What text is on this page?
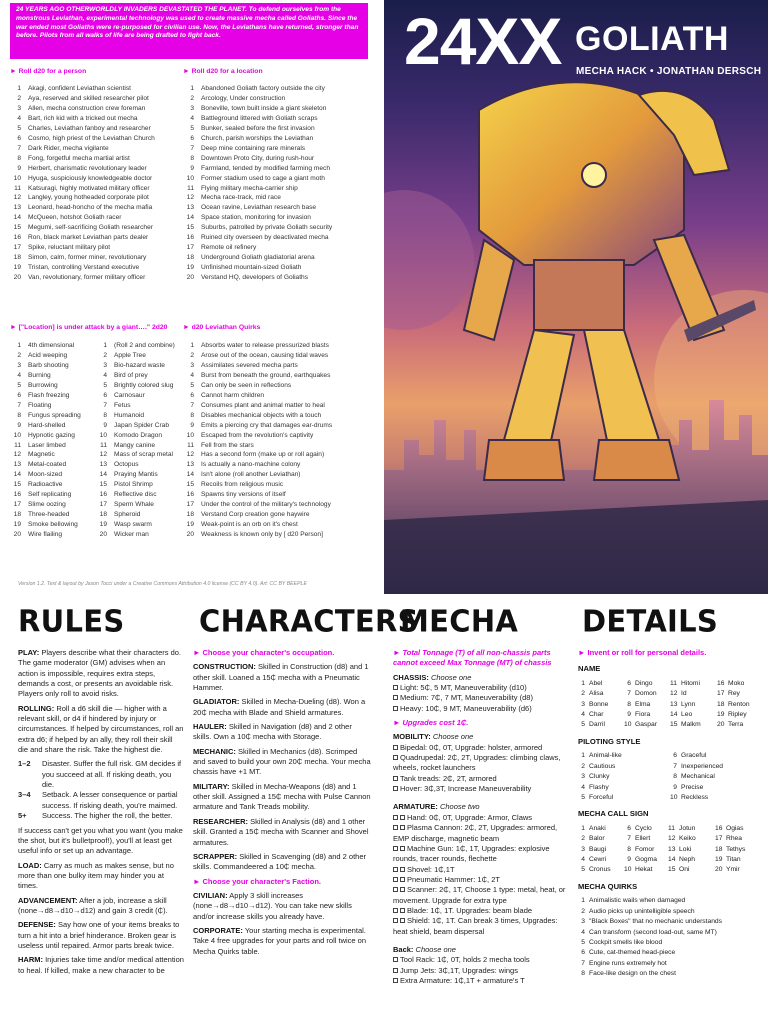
24 YEARS AGO OTHERWORLDLY INVADERS DEVASTATED THE PLANET. To defend ourselves from the monstrous Leviathan, experimental technology was used to create massive mecha called Goliaths. Since the war ended most Goliaths were re-purposed for civilian use. Now, the Leviathans have returned, stronger than before. Pilots from all walks of life are being drafted to fight back.
► Roll d20 for a person	► Roll d20 for a location
1	Akagi, confident Leviathan scientist
2	Aya, reserved and skilled researcher pilot
3	Allen, mecha construction crew foreman
4	Bart, rich kid with a tricked out mecha
5	Charles, Leviathan fanboy and researcher
6	Cosmo, high priest of the Leviathan Church
7	Dark Rider, mecha vigilante
8	Fong, forgetful mecha martial artist
9	Herbert, charismatic revolutionary leader
10	Hyuga, suspiciously knowledgeable doctor
11	Katsuragi, highly motivated military officer
12	Langley, young hotheaded corporate pilot
13	Leonard, head-honcho of the mecha mafia
14	McQueen, hotshot Goliath racer
15	Megumi, self-sacrificing Goliath researcher
16	Ron, black market Leviathan parts dealer
17	Spike, reluctant military pilot
18	Simon, calm, former miner, revolutionary
19	Tristan, controlling Verstand executive
20	Van, revolutionary, former military officer
1	Abandoned Goliath factory outside the city
2	Arcology, Under construction
3	Boneville, town built inside a giant skeleton
4	Battleground littered with Goliath scraps
5	Bunker, sealed before the first invasion
6	Church, parish worships the Leviathan
7	Deep mine containing rare minerals
8	Downtown Proto City, during rush-hour
9	Farmland, tended by modified farming mech
10	Former stadium used to cage a giant moth
11	Flying military mecha-carrier ship
12	Mecha race-track, mid race
13	Ocean ravine, Leviathan research base
14	Space station, monitoring for invasion
15	Suburbs, patrolled by private Goliath security
16	Ruined city overseen by deactivated mecha
17	Remote oil refinery
18	Underground Goliath gladiatorial arena
19	Unfinished mountain-sized Goliath
20	Verstand HQ, developers of Goliaths
► ["Location] is under attack by a giant…." 2d20 ► d20 Leviathan Quirks
1	4th dimensional
2	Acid weeping
3	Barb shooting
4	Burning
5	Burrowing
6	Flash freezing
7	Floating
8	Fungus spreading
9	Hard-shelled
10	Hypnotic gazing
11	Laser limbed
12	Magnetic
13	Metal-coated
14	Moon-sized
15	Radioactive
16	Self replicating
17	Slime oozing
18	Three-headed
19	Smoke bellowing
20	Wire flailing
1	(Roll 2 and combine)
2	Apple Tree
3	Bio-hazard waste
4	Bird of prey
5	Brightly colored slug
6	Carnosaur
7	Fetus
8	Humanoid
9	Japan Spider Crab
10	Komodo Dragon
11	Mangy canine
12	Mass of scrap metal
13	Octopus
14	Praying Mantis
15	Pistol Shrimp
16	Reflective disc
17	Sperm Whale
18	Spheroid
19	Wasp swarm
20	Wicker man
1	Absorbs water to release pressurized blasts
2	Arose out of the ocean, causing tidal waves
3	Assimilates severed mecha parts
4	Burst from beneath the ground, earthquakes
5	Can only be seen in reflections
6	Cannot harm children
7	Consumes plant and animal matter to heal
8	Disables mechanical objects with a touch
9	Emits a piercing cry that damages ear-drums
10	Escaped from the revolution's captivity
11	Fell from the stars
12	Has a second form (make up or roll again)
13	Is actually a nano-machine colony
14	Isn't alone (roll another Leviathan)
15	Recoils from religious music
16	Spawns tiny versions of itself
17	Under the control of the military's technology
18	Verstand Corp creation gone haywire
19	Weak-point is an orb on it's chest
20	Weakness is known only by [ d20 Person]
Version 1.2. Text & layout by Jason Tocci under a Creative Commons Attribution 4.0 license (CC BY 4.0). Art: CC BY BEEPLE
24XX GOLIATH
MECHA HACK • JONATHAN DERSCH
RULES	CHARACTERS
MECHA DETAILS

PLAY: Players describe what their characters do. The game moderator (GM) advises when an action is impossible, requires extra steps, demands a cost, or presents an avoidable risk. Players only roll to avoid risks.

ROLLING: Roll a d6 skill die — higher with a relevant skill, or d4 if hindered by injury or circumstances. If helped by circumstances, roll an extra d6; if helped by an ally, they roll their skill die and share the risk. Take the highest die.

1–2	Disaster. Suffer the full risk. GM decides if you succeed at all. If risking death, you die.
3–4	Setback. A lesser consequence or partial success. If risking death, you're maimed.
5+	Success. The higher the roll, the better.

If success can't get you what you want (you make the shot, but it's bulletproof!), you'll at least get useful info or set up an advantage.

LOAD: Carry as much as makes sense, but no more than one bulky item may hinder you at times.

ADVANCEMENT: After a job, increase a skill (none→d8→d10→d12) and gain 3 credit (₵).

DEFENSE: Say how one of your items breaks to turn a hit into a brief hinderance. Broken gear is useless until repaired. Armor parts break twice.

HARM: Injuries take time and/or medical attention to heal. If killed, make a new character to be

► Choose your character's occupation.

CONSTRUCTION: Skilled in Construction (d8) and 1 other skill. Loaned a 15₵ mecha with a Pneumatic Hammer.

GLADIATOR: Skilled in Mecha-Dueling (d8). Won a 20₵ mecha with Blade and Shield armatures.

HAULER: Skilled in Navigation (d8) and 2 other skills. Own a 10₵ mecha with Storage.

MECHANIC: Skilled in Mechanics (d8). Scrimped and saved to build your own 20₵ mecha. Your mecha chassis have +1 MT.

MILITARY: Skilled in Mecha-Weapons (d8) and 1 other skill. Assigned a 15₵ mecha with Pulse Cannon armature and Tank Treads mobility.

RESEARCHER: Skilled in Analysis (d8) and 1 other skill. Granted a 15₵ mecha with Scanner and Shovel armatures.

SCRAPPER: Skilled in Scavenging (d8) and 2 other skills. Commandeered a 10₵ mecha.

► Choose your character's Faction.

CIVILIAN: Apply 3 skill increases (none→d8→d10→d12). You can take new skills and/or increase skills you already have.

CORPORATE: Your starting mecha is experimental. Take 4 free upgrades for your parts and roll twice on Mecha Quirks table.

► Total Tonnage (T) of all non-chassis parts cannot exceed Max Tonnage (MT) of chassis

CHASSIS: Choose one
Light: 5₵, 5 MT, Maneuverability (d10)
Medium: 7₵, 7 MT, Maneuverability (d8)
Heavy: 10₵, 9 MT, Maneuverability (d6)

► Upgrades cost 1₵.

MOBILITY: Choose one
Bipedal: 0₵, 0T, Upgrade: holster, armored
Quadrupedal: 2₵, 2T, Upgrades: climbing claws, wheels, rocket launchers
Tank treads: 2₵, 2T, armored
Hover: 3₵,3T, Increase Maneuverability
ARMATURE: Choose two
Hand: 0₵, 0T, Upgrade: Armor, Claws
Plasma Cannon: 2₵, 2T, Upgrades: armored, EMP discharge, magnetic beam
Machine Gun: 1₵, 1T, Upgrades: explosive rounds, tracer rounds, flechette
Shovel: 1₵,1T
Pneumatic Hammer: 1₵, 2T
Scanner: 2₵, 1T, Choose 1 type: metal, heat, or movement. Upgrade for extra type
Blade: 1₵, 1T. Upgrades: beam blade
Shield: 1₵, 1T. Can break 3 times, Upgrades: heat shield, beam dispersal
Back: Choose one
Tool Rack: 1₵, 0T, holds 2 mecha tools
Jump Jets: 3₵,1T, Upgrades: wings
Extra Armature: 1₵,1T + armature's T

► Invent or roll for personal details.

NAME
1 Abel	6 Dingo	11 Hitomi	16 Moko
2 Alisa	7 Domon	12 Id	17 Rey
3 Bonne	8 Elma	13 Lynn	18 Renton
4 Char	9 Fiora	14 Leo	19 Ripley
5 Darril	10 Gaspar	15 Malkm	20 Terra
PILOTING STYLE
1 Animal-like	6 Graceful
2 Cautious	7 Inexperienced
3 Clunky	8 Mechanical
4 Flashy	9 Precise
5 Forceful	10 Reckless
MECHA CALL SIGN
1 Anaki	6 Cyclo	11 Jotun	16 Ogias
2 Balor	7 Ellert	12 Keiko	17 Rhea
3 Baugi	8 Fomor	13 Loki	18 Tethys
4 Cewri	9 Gogma	14 Neph	19 Titan
5 Cronus	10 Hekat	15 Oni	20 Ymir
MECHA QUIRKS
1 Animalistic wails when damaged
2 Audio picks up unintelligible speech
3 "Black Boxes" that no mechanic understands
4 Can transform (second load-out, same MT)
5 Cockpit smells like blood
6 Cute, cat-themed head-piece
7 Engine runs extremely hot
8 Face-like design on the chest
